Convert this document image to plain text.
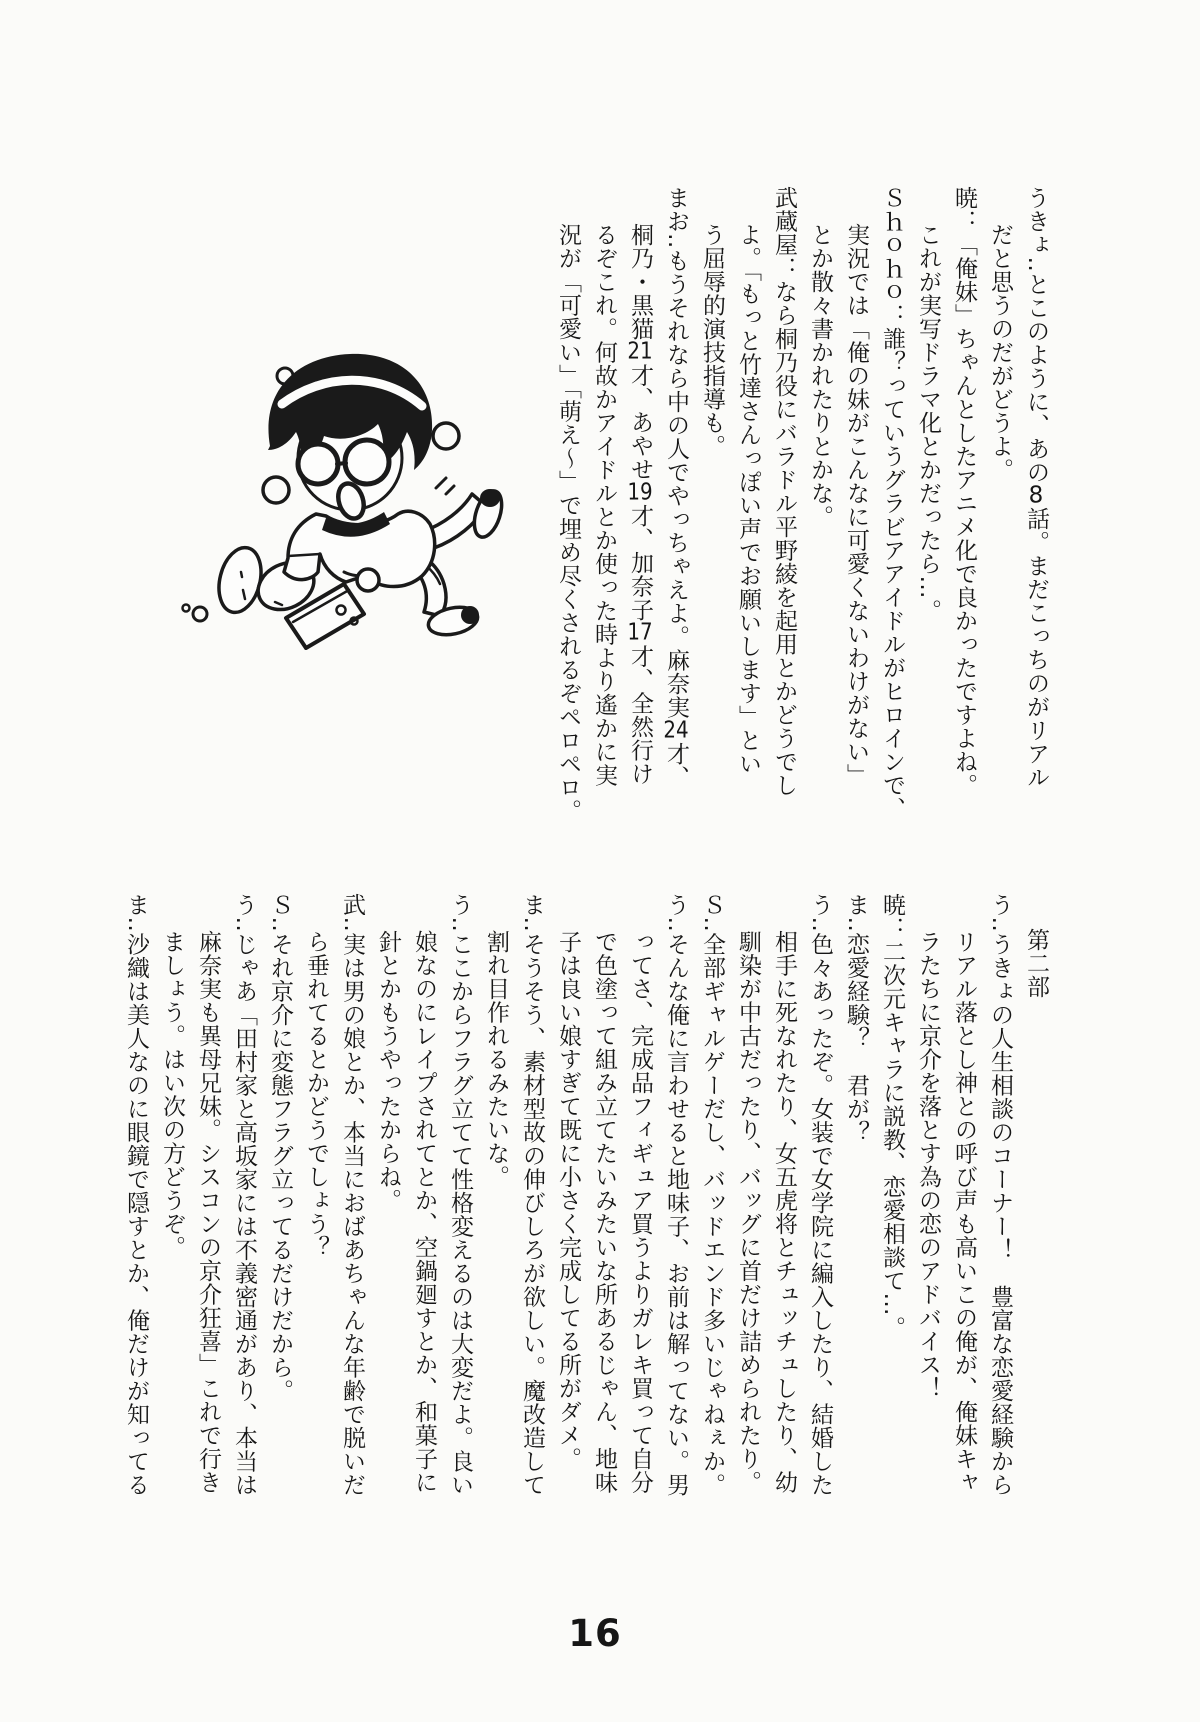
うきょ‥とこのように、あの8話。まだこっちのがリアル

だと思うのだがどうよ。

暁：「俺妹」ちゃんとしたアニメ化で良かったですよね。

これが実写ドラマ化とかだったら…。

Ｓｈｏｈｏ：誰？っていうグラビアアイドルがヒロインで、

実況では「俺の妹がこんなに可愛くないわけがない」

とか散々書かれたりとかな。

武蔵屋：なら桐乃役にバラドル平野綾を起用とかどうでし

よ。「もっと竹達さんっぽい声でお願いします」とい

う屈辱的演技指導も。

まお‥もうそれなら中の人でやっちゃえよ。麻奈実24才、

桐乃・黒猫21才、あやせ19才、加奈子17才、全然行け

るぞこれ。何故かアイドルとか使った時より遙かに実

況が「可愛い」「萌え～」で埋め尽くされるぞペロペロ。

第二部

う‥うきょの人生相談のコーナー！　豊富な恋愛経験から

リアル落とし神との呼び声も高いこの俺が、俺妹キャ

ラたちに京介を落とす為の恋のアドバイス！

暁：二次元キャラに説教、恋愛相談て…。

ま‥恋愛経験？　君が？

う‥色々あったぞ。女装で女学院に編入したり、結婚した

相手に死なれたり、女五虎将とチュッチュしたり、幼

馴染が中古だったり、バッグに首だけ詰められたり。

Ｓ‥全部ギャルゲーだし、バッドエンド多いじゃねぇか。

う‥そんな俺に言わせると地味子、お前は解ってない。男

ってさ、完成品フィギュア買うよりガレキ買って自分

で色塗って組み立てたいみたいな所あるじゃん、地味

子は良い娘すぎて既に小さく完成してる所がダメ。

ま‥そうそう、素材型故の伸びしろが欲しい。魔改造して

割れ目作れるみたいな。

う‥ここからフラグ立てて性格変えるのは大変だよ。良い

娘なのにレイプされてとか、空鍋廻すとか、和菓子に

針とかもうやったからね。

武‥実は男の娘とか、本当におばあちゃんな年齢で脱いだ

ら垂れてるとかどうでしょう？

Ｓ‥それ京介に変態フラグ立ってるだけだから。

う‥じゃあ「田村家と高坂家には不義密通があり、本当は

麻奈実も異母兄妹。シスコンの京介狂喜」これで行き

ましょう。はい次の方どうぞ。

ま‥沙織は美人なのに眼鏡で隠すとか、俺だけが知ってる

16
